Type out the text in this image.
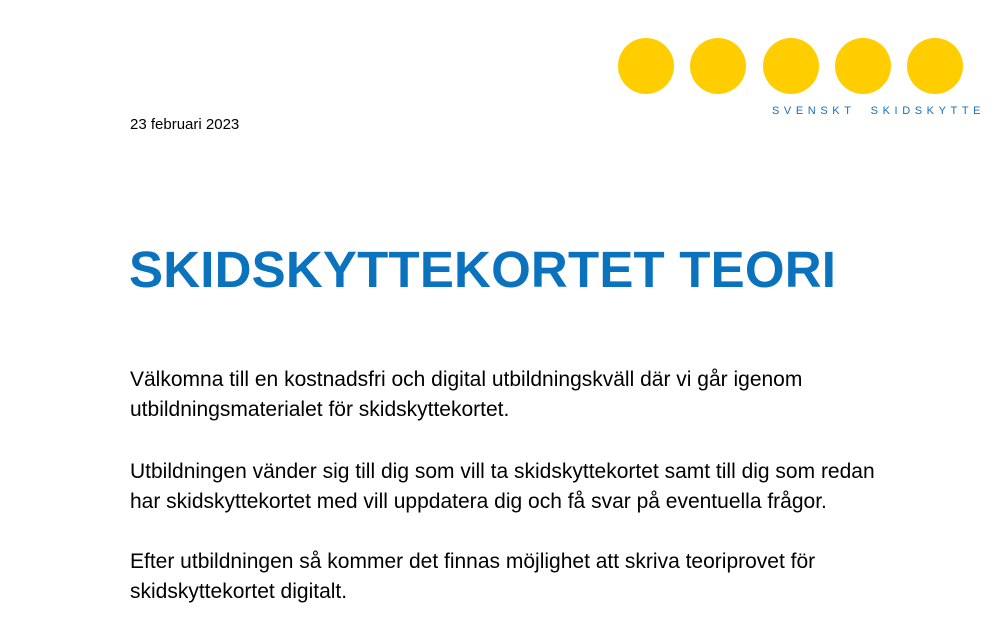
SVENSKT  SKIDSKYTTE
23 februari 2023
SKIDSKYTTEKORTET TEORI

Välkomna till en kostnadsfri och digital utbildningskväll där vi går igenom utbildningsmaterialet för skidskyttekortet.

Utbildningen vänder sig till dig som vill ta skidskyttekortet samt till dig som redan har skidskyttekortet med vill uppdatera dig och få svar på eventuella frågor.

Efter utbildningen så kommer det finnas möjlighet att skriva teoriprovet för skidskyttekortet digitalt.
